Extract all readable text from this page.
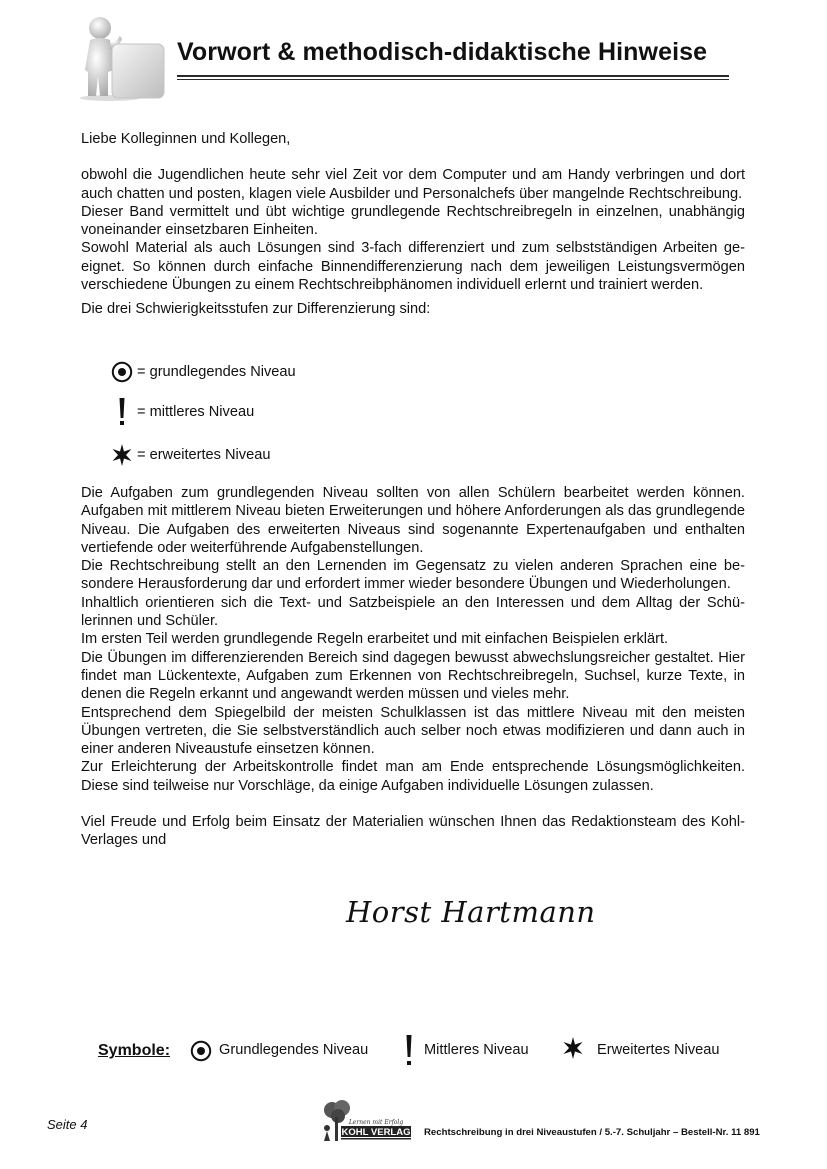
Vorwort & methodisch-didaktische Hinweise

Liebe Kolleginnen und Kollegen,

obwohl die Jugendlichen heute sehr viel Zeit vor dem Computer und am Handy verbringen und dort auch chatten und posten, klagen viele Ausbilder und Personalchefs über mangelnde Rechtschreibung.

Dieser Band vermittelt und übt wichtige grundlegende Rechtschreibregeln in einzelnen, unabhängig voneinander einsetzbaren Einheiten.

Sowohl Material als auch Lösungen sind 3-fach differenziert und zum selbstständigen Arbeiten geeignet. So können durch einfache Binnendifferenzierung nach dem jeweiligen Leistungsvermögen verschiedene Übungen zu einem Rechtschreibphänomen individuell erlernt und trainiert werden.

Die drei Schwierigkeitsstufen zur Differenzierung sind:

= grundlegendes Niveau
= mittleres Niveau
= erweitertes Niveau

Die Aufgaben zum grundlegenden Niveau sollten von allen Schülern bearbeitet werden können. Aufgaben mit mittlerem Niveau bieten Erweiterungen und höhere Anforderungen als das grundlegende Niveau. Die Aufgaben des erweiterten Niveaus sind sogenannte Expertenaufgaben und enthalten vertiefende oder weiterführende Aufgabenstellungen.

Die Rechtschreibung stellt an den Lernenden im Gegensatz zu vielen anderen Sprachen eine besondere Herausforderung dar und erfordert immer wieder besondere Übungen und Wiederholungen.

Inhaltlich orientieren sich die Text- und Satzbeispiele an den Interessen und dem Alltag der Schülerinnen und Schüler.

Im ersten Teil werden grundlegende Regeln erarbeitet und mit einfachen Beispielen erklärt.

Die Übungen im differenzierenden Bereich sind dagegen bewusst abwechslungsreicher gestaltet. Hier findet man Lückentexte, Aufgaben zum Erkennen von Rechtschreibregeln, Suchsel, kurze Texte, in denen die Regeln erkannt und angewandt werden müssen und vieles mehr.

Entsprechend dem Spiegelbild der meisten Schulklassen ist das mittlere Niveau mit den meisten Übungen vertreten, die Sie selbstverständlich auch selber noch etwas modifizieren und dann auch in einer anderen Niveaustufe einsetzen können.

Zur Erleichterung der Arbeitskontrolle findet man am Ende entsprechende Lösungsmöglichkeiten. Diese sind teilweise nur Vorschläge, da einige Aufgaben individuelle Lösungen zulassen.

Viel Freude und Erfolg beim Einsatz der Materialien wünschen Ihnen das Redaktionsteam des Kohl-Verlages und

Horst Hartmann
Symbole:	Grundlegendes Niveau	Mittleres Niveau	Erweitertes Niveau
Seite 4	Lernen mit Erfolg
KOHL VERLAG Rechtschreibung in drei Niveaustufen / 5.-7. Schuljahr – Bestell-Nr. 11 891
